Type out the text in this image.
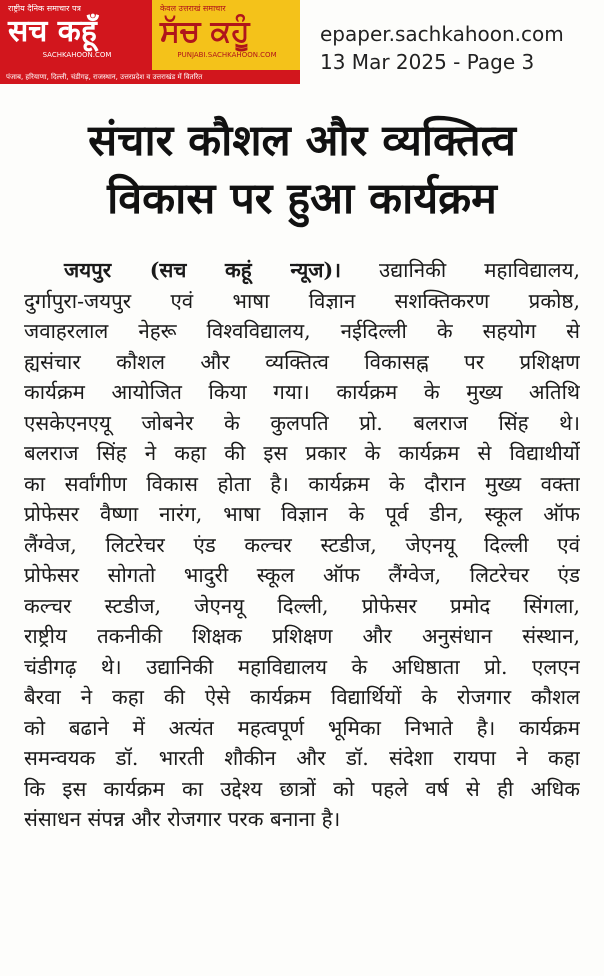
राष्ट्रीय दैनिक समाचार पत्र
सच कहूँ
SACHKAHOON.COM
केवल उत्तराखं समाचार
ਸੱਚ ਕਹੂੰ
PUNJABI.SACHKAHOON.COM
पंजाब, हरियाणा, दिल्ली, चंडीगढ़, राजस्थान, उत्तरप्रदेश व उत्तराखंड में वितरित
epaper.sachkahoon.com
13 Mar 2025 - Page 3
संचार कौशल और व्यक्तित्व
विकास पर हुआ कार्यक्रम
जयपुर (सच कहूं न्यूज)। उद्यानिकी महाविद्यालय,
दुर्गापुरा-जयपुर एवं भाषा विज्ञान सशक्तिकरण प्रकोष्ठ,
जवाहरलाल नेहरू विश्वविद्यालय, नईदिल्ली के सहयोग से
ह्यसंचार कौशल और व्यक्तित्व विकासह्न पर प्रशिक्षण
कार्यक्रम आयोजित किया गया। कार्यक्रम के मुख्य अतिथि
एसकेएनएयू जोबनेर के कुलपति प्रो. बलराज सिंह थे।
बलराज सिंह ने कहा की इस प्रकार के कार्यक्रम से विद्याथीर्यो
का सर्वांगीण विकास होता है। कार्यक्रम के दौरान मुख्य वक्ता
प्रोफेसर वैष्णा नारंग, भाषा विज्ञान के पूर्व डीन, स्कूल ऑफ
लैंग्वेज, लिटरेचर एंड कल्चर स्टडीज, जेएनयू दिल्ली एवं
प्रोफेसर सोगतो भादुरी स्कूल ऑफ लैंग्वेज, लिटरेचर एंड
कल्चर स्टडीज, जेएनयू दिल्ली, प्रोफेसर प्रमोद सिंगला,
राष्ट्रीय तकनीकी शिक्षक प्रशिक्षण और अनुसंधान संस्थान,
चंडीगढ़ थे। उद्यानिकी महाविद्यालय के अधिष्ठाता प्रो. एलएन
बैरवा ने कहा की ऐसे कार्यक्रम विद्यार्थियों के रोजगार कौशल
को बढाने में अत्यंत महत्वपूर्ण भूमिका निभाते है। कार्यक्रम
समन्वयक डॉ. भारती शौकीन और डॉ. संदेशा रायपा ने कहा
कि इस कार्यक्रम का उद्देश्य छात्रों को पहले वर्ष से ही अधिक
संसाधन संपन्न और रोजगार परक बनाना है।
